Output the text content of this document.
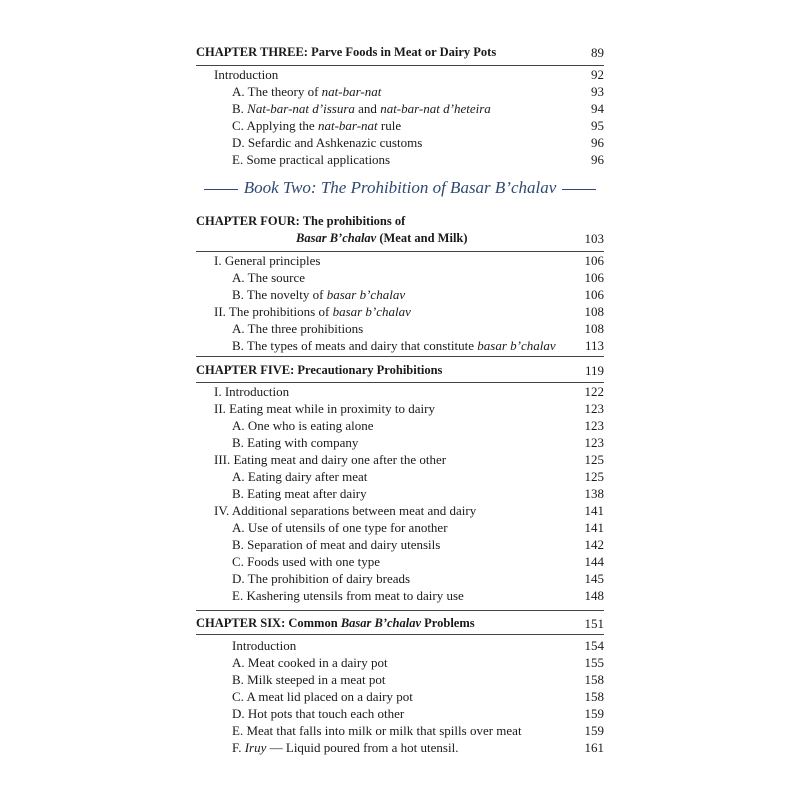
CHAPTER THREE: Parve Foods in Meat or Dairy Pots	89
Introduction	92
A. The theory of nat-bar-nat	93
B. Nat-bar-nat d’issura and nat-bar-nat d’heteira	94
C. Applying the nat-bar-nat rule	95
D. Sefardic and Ashkenazic customs	96
E. Some practical applications	96
Book Two: The Prohibition of Basar B’chalav
CHAPTER FOUR: The prohibitions of
Basar B’chalav (Meat and Milk)	103
I. General principles	106
A. The source	106
B. The novelty of basar b’chalav	106
II. The prohibitions of basar b’chalav	108
A. The three prohibitions	108
B. The types of meats and dairy that constitute basar b’chalav 113
CHAPTER FIVE: Precautionary Prohibitions	119
I. Introduction	122
II. Eating meat while in proximity to dairy	123
A. One who is eating alone	123
B. Eating with company	123
III. Eating meat and dairy one after the other	125
A. Eating dairy after meat	125
B. Eating meat after dairy	138
IV. Additional separations between meat and dairy	141
A. Use of utensils of one type for another	141
B. Separation of meat and dairy utensils	142
C. Foods used with one type	144
D. The prohibition of dairy breads	145
E. Kashering utensils from meat to dairy use	148
CHAPTER SIX: Common Basar B’chalav Problems	151
Introduction	154
A. Meat cooked in a dairy pot	155
B. Milk steeped in a meat pot	158
C. A meat lid placed on a dairy pot	158
D. Hot pots that touch each other	159
E. Meat that falls into milk or milk that spills over meat	159
F. Iruy — Liquid poured from a hot utensil.	161
